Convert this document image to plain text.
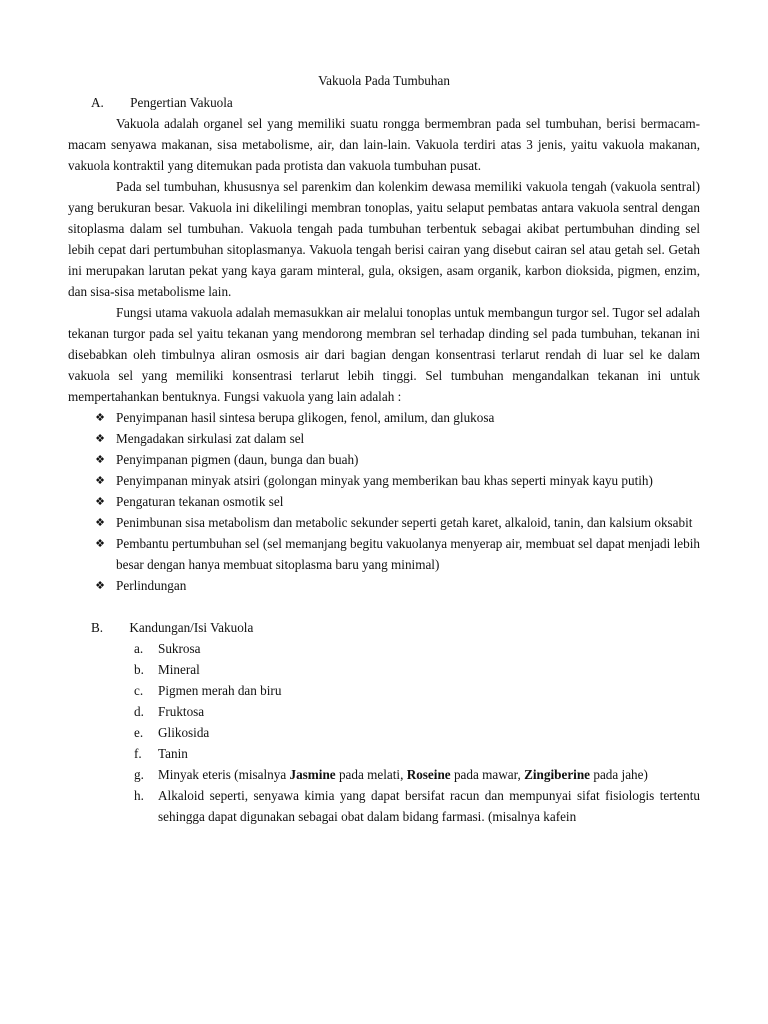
Vakuola Pada Tumbuhan
A. Pengertian Vakuola

Vakuola adalah organel sel yang memiliki suatu rongga bermembran pada sel tumbuhan, berisi bermacam-macam senyawa makanan, sisa metabolisme, air, dan lain-lain. Vakuola terdiri atas 3 jenis, yaitu vakuola makanan, vakuola kontraktil yang ditemukan pada protista dan vakuola tumbuhan pusat.

Pada sel tumbuhan, khususnya sel parenkim dan kolenkim dewasa memiliki vakuola tengah (vakuola sentral) yang berukuran besar. Vakuola ini dikelilingi membran tonoplas, yaitu selaput pembatas antara vakuola sentral dengan sitoplasma dalam sel tumbuhan. Vakuola tengah pada tumbuhan terbentuk sebagai akibat pertumbuhan dinding sel lebih cepat dari pertumbuhan sitoplasmanya. Vakuola tengah berisi cairan yang disebut cairan sel atau getah sel. Getah ini merupakan larutan pekat yang kaya garam minteral, gula, oksigen, asam organik, karbon dioksida, pigmen, enzim, dan sisa-sisa metabolisme lain.

Fungsi utama vakuola adalah memasukkan air melalui tonoplas untuk membangun turgor sel. Tugor sel adalah tekanan turgor pada sel yaitu tekanan yang mendorong membran sel terhadap dinding sel pada tumbuhan, tekanan ini disebabkan oleh timbulnya aliran osmosis air dari bagian dengan konsentrasi terlarut rendah di luar sel ke dalam vakuola sel yang memiliki konsentrasi terlarut lebih tinggi. Sel tumbuhan mengandalkan tekanan ini untuk mempertahankan bentuknya. Fungsi vakuola yang lain adalah :

❖ Penyimpanan hasil sintesa berupa glikogen, fenol, amilum, dan glukosa
❖ Mengadakan sirkulasi zat dalam sel
❖ Penyimpanan pigmen (daun, bunga dan buah)
❖ Penyimpanan minyak atsiri (golongan minyak yang memberikan bau khas seperti minyak kayu putih)
❖ Pengaturan tekanan osmotik sel
❖ Penimbunan sisa metabolism dan metabolic sekunder seperti getah karet, alkaloid, tanin, dan kalsium oksabit
❖ Pembantu pertumbuhan sel (sel memanjang begitu vakuolanya menyerap air, membuat sel dapat menjadi lebih besar dengan hanya membuat sitoplasma baru yang minimal)
❖ Perlindungan
B. Kandungan/Isi Vakuola
a. Sukrosa
b. Mineral
c. Pigmen merah dan biru
d. Fruktosa
e. Glikosida
f. Tanin
g. Minyak eteris (misalnya Jasmine pada melati, Roseine pada mawar, Zingiberine pada jahe)
h. Alkaloid seperti, senyawa kimia yang dapat bersifat racun dan mempunyai sifat fisiologis tertentu sehingga dapat digunakan sebagai obat dalam bidang farmasi. (misalnya kafein
